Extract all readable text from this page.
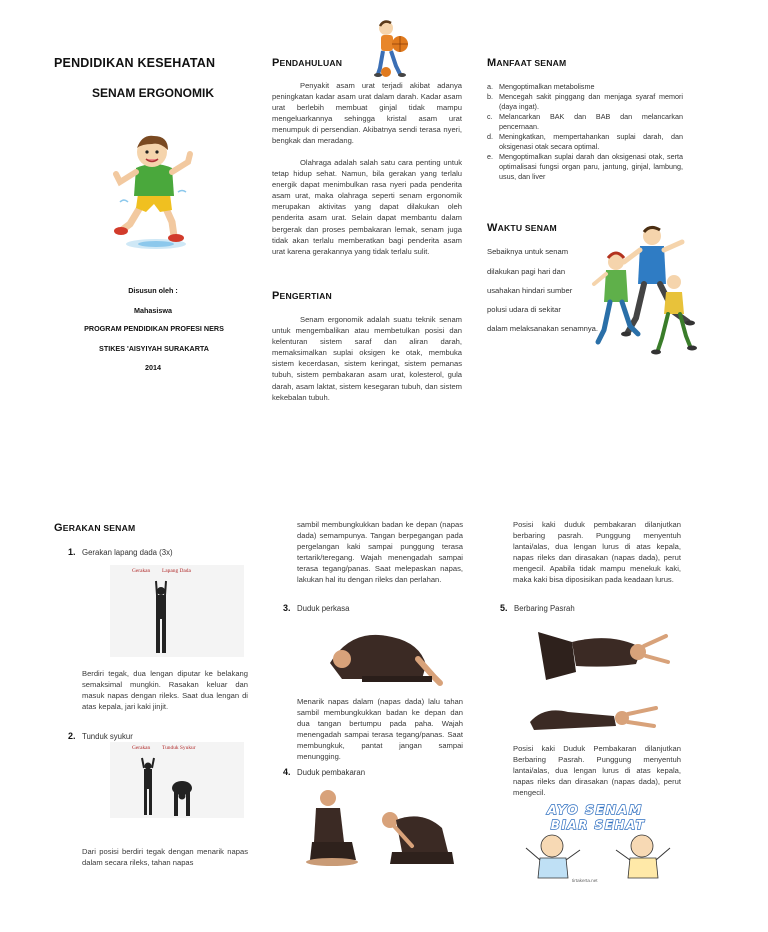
PENDIDIKAN KESEHATAN
SENAM ERGONOMIK
Disusun oleh :
Mahasiswa
PROGRAM PENDIDIKAN PROFESI NERS
STIKES 'AISYIYAH SURAKARTA
2014
PENDAHULUAN
Penyakit asam urat terjadi akibat adanya peningkatan kadar asam urat dalam darah. Kadar asam urat berlebih membuat ginjal tidak mampu mengeluarkannya sehingga kristal asam urat menumpuk di persendian. Akibatnya sendi terasa nyeri, bengkak dan meradang.
Olahraga adalah salah satu cara penting untuk tetap hidup sehat. Namun, bila gerakan yang terlalu energik dapat menimbulkan rasa nyeri pada penderita asam urat, maka olahraga seperti senam ergonomik merupakan aktivitas yang dapat dilakukan oleh penderita asam urat. Selain dapat membantu dalam bergerak dan proses pembakaran lemak, senam juga tidak akan terlalu memberatkan bagi penderita asam urat karena gerakannya yang tidak terlalu sulit.
PENGERTIAN
Senam ergonomik adalah suatu teknik senam untuk mengembalikan atau membetulkan posisi dan kelenturan sistem saraf dan aliran darah, memaksimalkan suplai oksigen ke otak, membuka sistem kecerdasan, sistem keringat, sistem pemanas tubuh, sistem pembakaran asam urat, kolesterol, gula darah, asam laktat, sistem kesegaran tubuh, dan sistem kekebalan tubuh.
MANFAAT SENAM
a. Mengoptimalkan metabolisme
b. Mencegah sakit pinggang dan menjaga syaraf memori (daya ingat).
c. Melancarkan BAK dan BAB dan melancarkan pencernaan.
d. Meningkatkan, mempertahankan suplai darah, dan oksigenasi otak secara optimal.
e. Mengoptimalkan suplai darah dan oksigenasi otak, serta optimalisasi fungsi organ paru, jantung, ginjal, lambung, usus, dan liver
WAKTU SENAM
Sebaiknya untuk senam
dilakukan pagi hari dan
usahakan hindari sumber
polusi udara di sekitar
dalam melaksanakan senamnya.
GERAKAN SENAM
1. Gerakan lapang dada (3x)
Gerakan Lapang Dada
Berdiri tegak, dua lengan diputar ke belakang semaksimal mungkin. Rasakan keluar dan masuk napas dengan rileks. Saat dua lengan di atas kepala, jari kaki jinjit.
2. Tunduk syukur
Gerakan Tunduk Syukur
Dari posisi berdiri tegak dengan menarik napas dalam secara rileks, tahan napas
sambil membungkukkan badan ke depan (napas dada) semampunya. Tangan berpegangan pada pergelangan kaki sampai punggung terasa tertarik/teregang. Wajah menengadah sampai terasa tegang/panas. Saat melepaskan napas, lakukan hal itu dengan rileks dan perlahan.
3. Duduk perkasa
Menarik napas dalam (napas dada) lalu tahan sambil membungkukkan badan ke depan dan dua tangan bertumpu pada paha. Wajah menengadah sampai terasa tegang/panas. Saat membungkuk, pantat jangan sampai menungging.
4. Duduk pembakaran
Posisi kaki duduk pembakaran dilanjutkan berbaring pasrah. Punggung menyentuh lantai/alas, dua lengan lurus di atas kepala, napas rileks dan dirasakan (napas dada), perut mengecil. Apabila tidak mampu menekuk kaki, maka kaki bisa diposisikan pada keadaan lurus.
5. Berbaring Pasrah
Posisi kaki Duduk Pembakaran dilanjutkan Berbaring Pasrah. Punggung menyentuh lantai/alas, dua lengan lurus di atas kepala, napas rileks dan dirasakan (napas dada), perut mengecil.
AYO SENAM
BIAR SEHAT
tirtakerta.net
